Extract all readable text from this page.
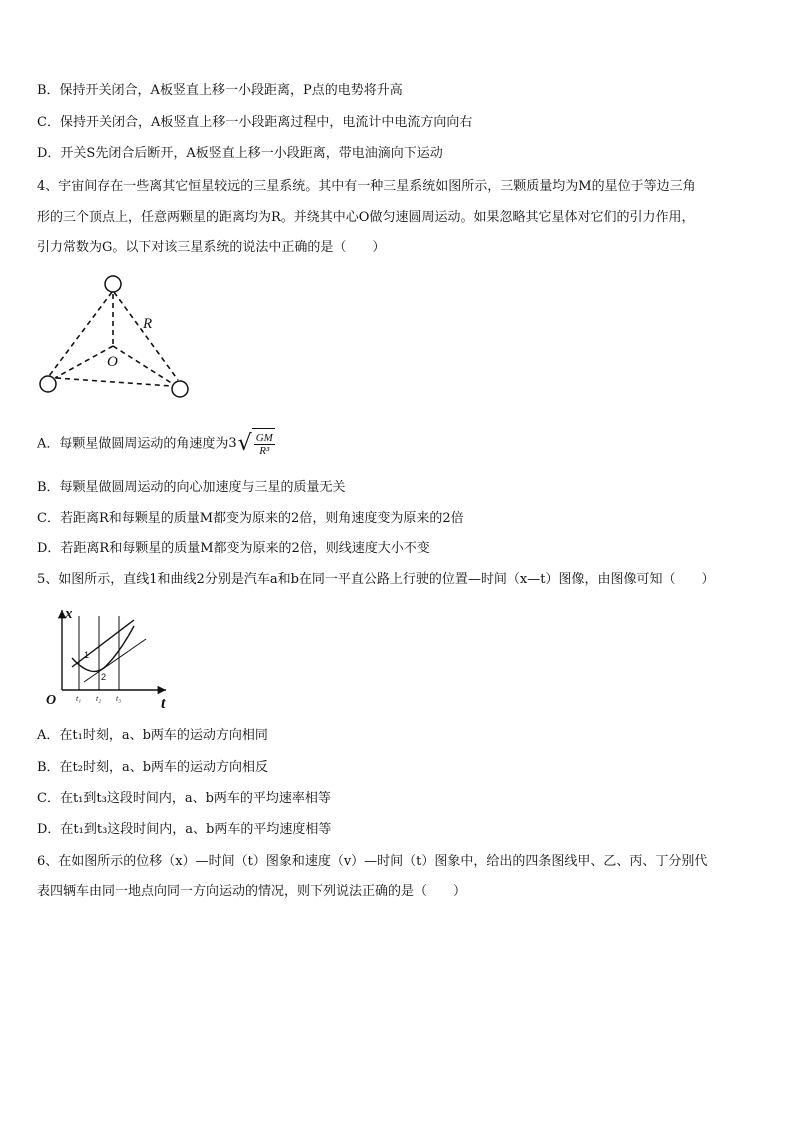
B．保持开关闭合，A板竖直上移一小段距离，P点的电势将升高
C．保持开关闭合，A板竖直上移一小段距离过程中，电流计中电流方向向右
D．开关S先闭合后断开，A板竖直上移一小段距离，带电油滴向下运动
4、宇宙间存在一些离其它恒星较远的三星系统。其中有一种三星系统如图所示，三颗质量均为M的星位于等边三角
形的三个顶点上，任意两颗星的距离均为R。并绕其中心O做匀速圆周运动。如果忽略其它星体对它们的引力作用，
引力常数为G。以下对该三星系统的说法中正确的是（　　）
R
O
A．每颗星做圆周运动的角速度为 3 √ $\frac{GM}{\text{R³}}$
B．每颗星做圆周运动的向心加速度与三星的质量无关
C．若距离R和每颗星的质量M都变为原来的2倍，则角速度变为原来的2倍
D．若距离R和每颗星的质量M都变为原来的2倍，则线速度大小不变
5、如图所示，直线1和曲线2分别是汽车a和b在同一平直公路上行驶的位置—时间（x—t）图像，由图像可知（　　）
x
t
O
1
2
t₁ t₂ t₃
A．在t₁时刻，a、b两车的运动方向相同
B．在t₂时刻，a、b两车的运动方向相反
C．在t₁到t₃这段时间内，a、b两车的平均速率相等
D．在t₁到t₃这段时间内，a、b两车的平均速度相等
6、在如图所示的位移（x）—时间（t）图象和速度（v）—时间（t）图象中，给出的四条图线甲、乙、丙、丁分别代
表四辆车由同一地点向同一方向运动的情况，则下列说法正确的是（　　）
